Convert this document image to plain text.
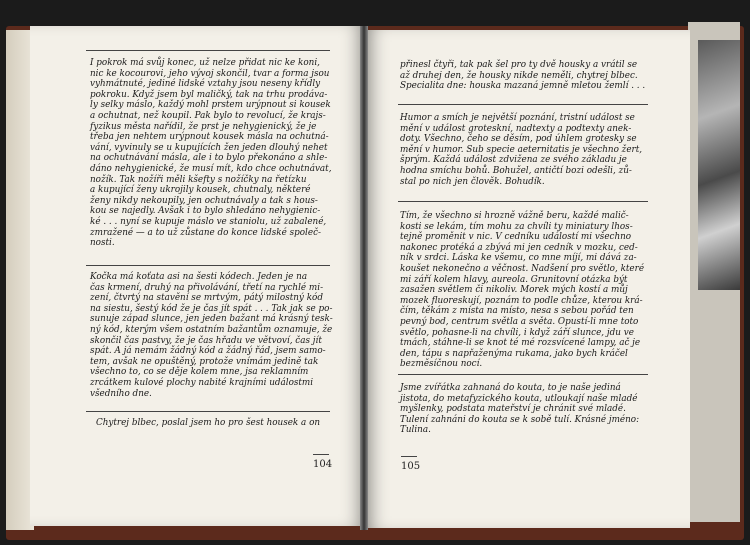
I pokrok má svůj konec, už nelze přidat nic ke koni,
nic ke kocourovi, jeho vývoj skončil, tvar a forma jsou
vyhmátnuté, jediné lidské vztahy jsou neseny křídly
pokroku. Když jsem byl maličký, tak na trhu prodáva-
ly selky máslo, každý mohl prstem urýpnout si kousek
a ochutnat, než koupil. Pak bylo to revolucí, že krajs-
fyzikus města nařídil, že prst je nehygienický, že je
třeba jen nehtem urýpnout kousek másla na ochutná-
vání, vyvinuly se u kupujících žen jeden dlouhý nehet
na ochutnávání másla, ale i to bylo překonáno a shle-
dáno nehygienické, že musí mít, kdo chce ochutnávat,
nožík. Tak nožíři měli kšefty s nožíčky na řetízku
a kupující ženy ukrojily kousek, chutnaly, některé
ženy nikdy nekoupily, jen ochutnávaly a tak s hous-
kou se najedly. Avšak i to bylo shledáno nehygienic-
ké . . . nyní se kupuje máslo ve staniolu, už zabalené,
zmražené — a to už zůstane do konce lidské společ-
nosti.
Kočka má koťata asi na šesti kódech. Jeden je na
čas krmení, druhý na přivolávání, třetí na rychlé mi-
zení, čtvrtý na stavění se mrtvým, pátý milostný kód
na siestu, šestý kód že je čas jít spát . . . Tak jak se po-
sunuje západ slunce, jen jeden bažant má krásný tesk-
ný kód, kterým všem ostatním bažantům oznamuje, že
skončil čas pastvy, že je čas hřadu ve větvoví, čas jít
spát. A já nemám žádný kód a žádný řád, jsem samo-
tem, avšak ne opuštěný, protože vnímám jedině tak
všechno to, co se děje kolem mne, jsa reklamním
zrcátkem kulové plochy nabité krajními událostmi
všedního dne.
Chytrej blbec, poslal jsem ho pro šest housek a on
104
přinesl čtyři, tak pak šel pro ty dvě housky a vrátil se
až druhej den, že housky nikde neměli, chytrej blbec.
Specialita dne: houska mazaná jemně mletou žemlí . . .
Humor a smích je největší poznání, tristní událost se
mění v událost groteskní, nadtexty a podtexty anek-
doty. Všechno, čeho se děsím, pod úhlem grotesky se
mění v humor. Sub specie aeternitatis je všechno žert,
šprým. Každá událost zdvižena ze svého základu je
hodna smíchu bohů. Bohužel, antičtí bozi odešli, zů-
stal po nich jen člověk. Bohudík.
Tím, že všechno si hrozně vážně beru, každé malič-
kosti se lekám, tím mohu za chvíli ty miniatury lhos-
tejně proměnit v nic. V cedníku událostí mi všechno
nakonec protéká a zbývá mi jen cedník v mozku, ced-
ník v srdci. Láska ke všemu, co mne míjí, mi dává za-
koušet nekonečno a věčnost. Nadšení pro světlo, které
mi září kolem hlavy, aureola. Grunitovní otázka být
zasažen světlem či nikoliv. Morek mých kostí a můj
mozek fluoreskují, poznám to podle chůze, kterou krá-
čím, těkám z místa na místo, nesa s sebou pořád ten
pevný bod, centrum světla a světa. Opustí-li mne toto
světlo, pohasne-li na chvíli, i když září slunce, jdu ve
tmách, stáhne-li se knot té mé rozsvícené lampy, ač je
den, tápu s napřaženýma rukama, jako bych kráčel
bezměsíčnou nocí.
Jsme zvířátka zahnaná do kouta, to je naše jediná
jistota, do metafyzického kouta, utloukají naše mladé
myšlenky, podstata mateřství je chránit své mladé.
Tulení zahnáni do kouta se k sobě tulí. Krásné jméno:
Tulina.
105
